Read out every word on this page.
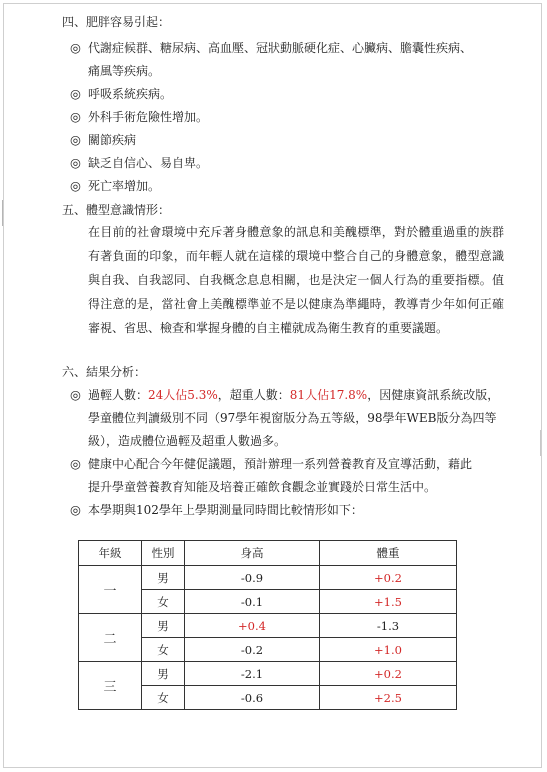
四、肥胖容易引起：
◎ 代謝症候群、糖尿病、高血壓、冠狀動脈硬化症、心臟病、膽囊性疾病、
痛風等疾病。
◎ 呼吸系統疾病。
◎ 外科手術危險性增加。
◎ 關節疾病
◎ 缺乏自信心、易自卑。
◎ 死亡率增加。
五、體型意識情形：
在目前的社會環境中充斥著身體意象的訊息和美醜標準，對於體重過重的族群有著負面的印象，而年輕人就在這樣的環境中整合自己的身體意象，體型意識與自我、自我認同、自我概念息息相關，也是決定一個人行為的重要指標。值得注意的是，當社會上美醜標準並不是以健康為準繩時，教導青少年如何正確審視、省思、檢查和掌握身體的自主權就成為衛生教育的重要議題。
六、結果分析：
◎ 過輕人數：24人佔5.3%，超重人數：81人佔17.8%，因健康資訊系統改版，
學童體位判讀級別不同（97學年視窗版分為五等級，98學年WEB版分為四等
級），造成體位過輕及超重人數過多。
◎ 健康中心配合今年健促議題，預計辦理一系列營養教育及宣導活動，藉此
提升學童營養教育知能及培養正確飲食觀念並實踐於日常生活中。
◎ 本學期與102學年上學期測量同時間比較情形如下：
年級	性別	身高	體重
一	男	-0.9	+0.2
	女	-0.1	+1.5
二	男	+0.4	-1.3
	女	-0.2	+1.0
三	男	-2.1	+0.2
	女	-0.6	+2.5
